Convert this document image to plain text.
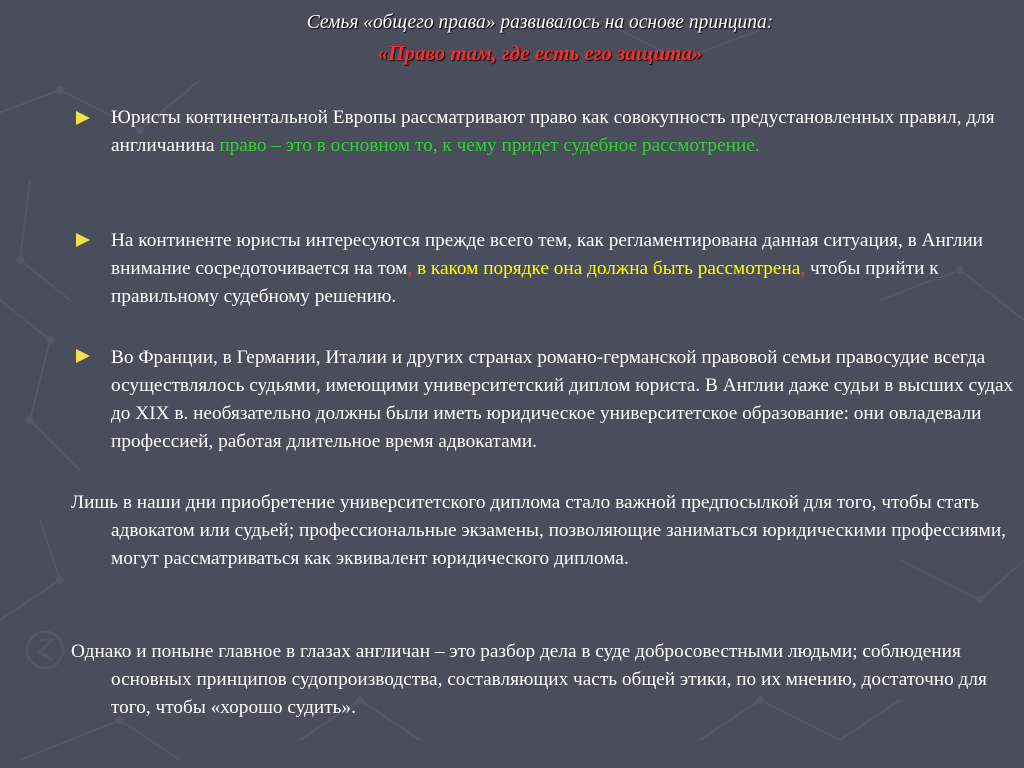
Семья «общего права» развивалось на основе принципа:
«Право там, где есть его защита»
Юристы континентальной Европы рассматривают право как совокупность предустановленных правил, для англичанина право – это в основном то, к чему придет судебное рассмотрение.
На континенте юристы интересуются прежде всего тем, как регламентирована данная ситуация, в Англии внимание сосредоточивается на том, в каком порядке она должна быть рассмотрена, чтобы прийти к правильному судебному решению.
Во Франции, в Германии, Италии и других странах романо-германской правовой семьи правосудие всегда осуществлялось судьями, имеющими университетский диплом юриста. В Англии даже судьи в высших судах до XIX в. необязательно должны были иметь юридическое университетское образование: они овладевали профессией, работая длительное время адвокатами.
Лишь в наши дни приобретение университетского диплома стало важной предпосылкой для того, чтобы стать адвокатом или судьей; профессиональные экзамены, позволяющие заниматься юридическими профессиями, могут рассматриваться как эквивалент юридического диплома.
Однако и поныне главное в глазах англичан – это разбор дела в суде добросовестными людьми; соблюдения основных принципов судопроизводства, составляющих часть общей этики, по их мнению, достаточно для того, чтобы «хорошо судить».
